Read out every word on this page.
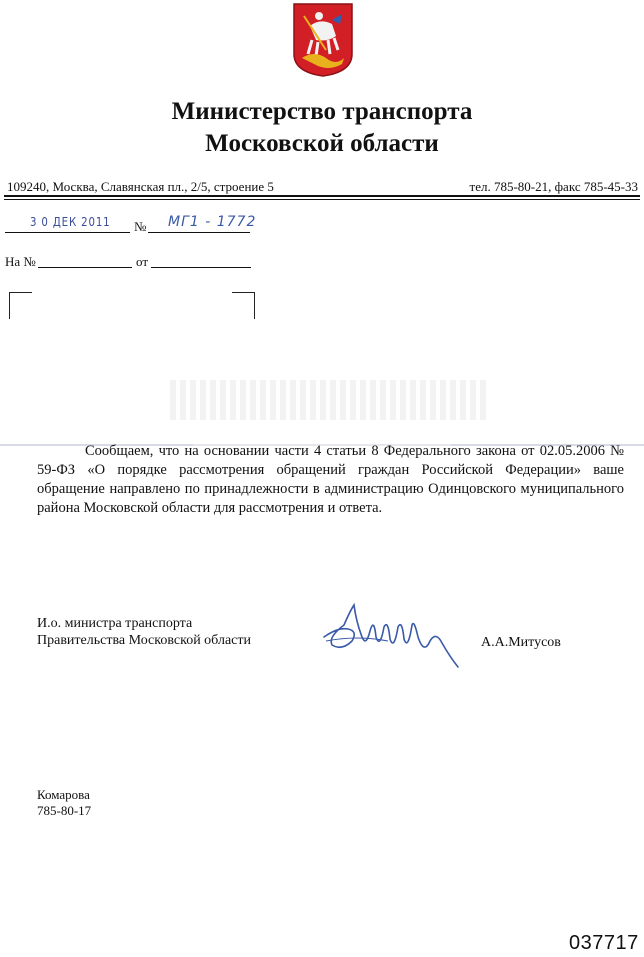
Министерство транспорта
Московской области
109240, Москва, Славянская пл., 2/5, строение 5	тел. 785-80-21, факс 785-45-33
3 0 ДЕК 2011 № МГ1 - 1772
На №	от
Сообщаем, что на основании части 4 статьи 8 Федерального закона от 02.05.2006 № 59-ФЗ «О порядке рассмотрения обращений граждан Российской Федерации» ваше обращение направлено по принадлежности в администрацию Одинцовского муниципального района Московской области для рассмотрения и ответа.
И.о. министра транспорта
Правительства Московской области	А.А.Митусов
Комарова
785-80-17
037717
